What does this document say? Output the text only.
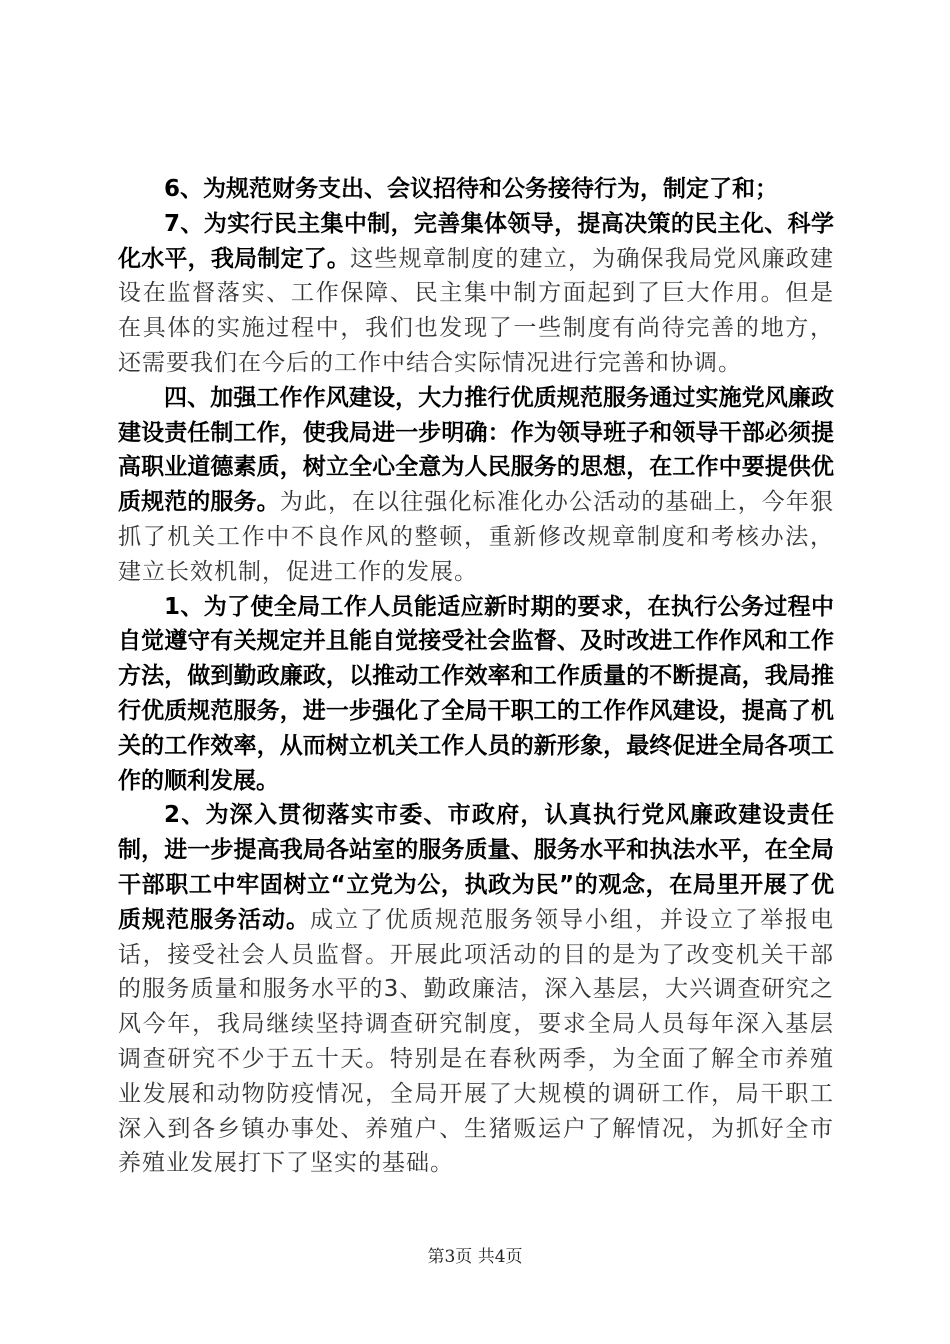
6、为规范财务支出、会议招待和公务接待行为，制定了和；

7、为实行民主集中制，完善集体领导，提高决策的民主化、科学化水平，我局制定了。这些规章制度的建立，为确保我局党风廉政建设在监督落实、工作保障、民主集中制方面起到了巨大作用。但是在具体的实施过程中，我们也发现了一些制度有尚待完善的地方，还需要我们在今后的工作中结合实际情况进行完善和协调。

四、加强工作作风建设，大力推行优质规范服务通过实施党风廉政建设责任制工作，使我局进一步明确：作为领导班子和领导干部必须提高职业道德素质，树立全心全意为人民服务的思想，在工作中要提供优质规范的服务。为此，在以往强化标准化办公活动的基础上，今年狠抓了机关工作中不良作风的整顿，重新修改规章制度和考核办法，建立长效机制，促进工作的发展。

1、为了使全局工作人员能适应新时期的要求，在执行公务过程中自觉遵守有关规定并且能自觉接受社会监督、及时改进工作作风和工作方法，做到勤政廉政，以推动工作效率和工作质量的不断提高，我局推行优质规范服务，进一步强化了全局干职工的工作作风建设，提高了机关的工作效率，从而树立机关工作人员的新形象，最终促进全局各项工作的顺利发展。

2、为深入贯彻落实市委、市政府，认真执行党风廉政建设责任制，进一步提高我局各站室的服务质量、服务水平和执法水平，在全局干部职工中牢固树立“立党为公，执政为民”的观念，在局里开展了优质规范服务活动。成立了优质规范服务领导小组，并设立了举报电话，接受社会人员监督。开展此项活动的目的是为了改变机关干部的服务质量和服务水平的3、勤政廉洁，深入基层，大兴调查研究之风今年，我局继续坚持调查研究制度，要求全局人员每年深入基层调查研究不少于五十天。特别是在春秋两季，为全面了解全市养殖业发展和动物防疫情况，全局开展了大规模的调研工作，局干职工深入到各乡镇办事处、养殖户、生猪贩运户了解情况，为抓好全市养殖业发展打下了坚实的基础。

第3页 共4页
